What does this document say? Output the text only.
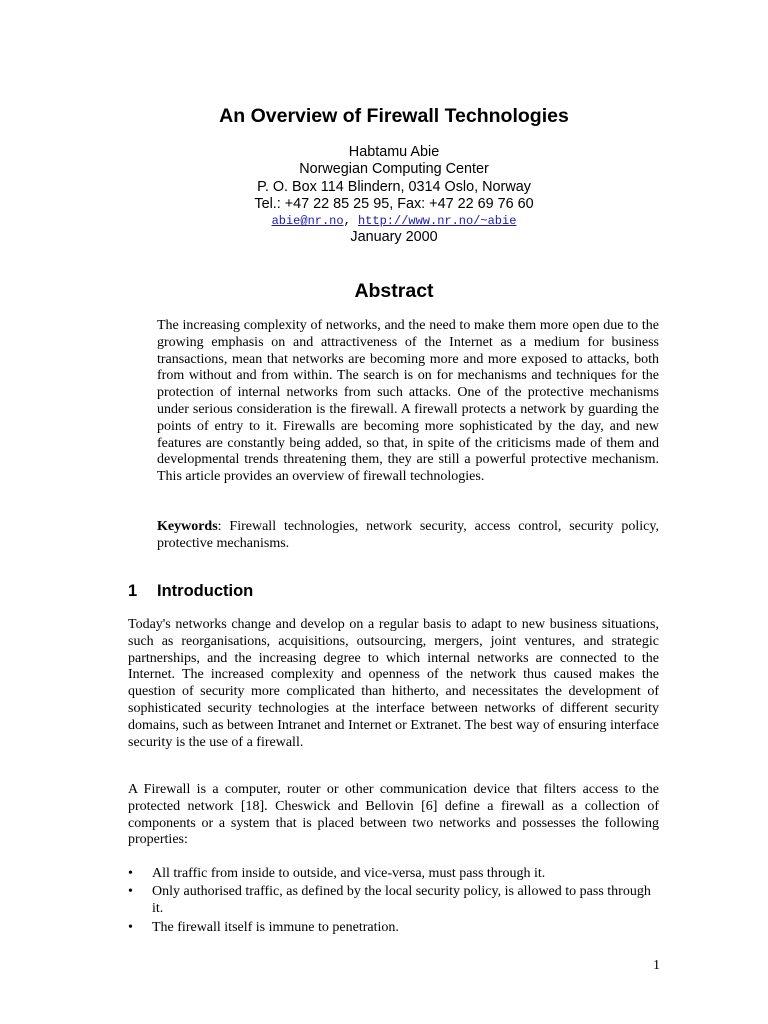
An Overview of Firewall Technologies
Habtamu Abie
Norwegian Computing Center
P. O. Box 114 Blindern, 0314 Oslo, Norway
Tel.: +47 22 85 25 95, Fax: +47 22 69 76 60
abie@nr.no, http://www.nr.no/~abie
January 2000
Abstract
The increasing complexity of networks, and the need to make them more open due to the growing emphasis on and attractiveness of the Internet as a medium for business transactions, mean that networks are becoming more and more exposed to attacks, both from without and from within. The search is on for mechanisms and techniques for the protection of internal networks from such attacks. One of the protective mechanisms under serious consideration is the firewall. A firewall protects a network by guarding the points of entry to it. Firewalls are becoming more sophisticated by the day, and new features are constantly being added, so that, in spite of the criticisms made of them and developmental trends threatening them, they are still a powerful protective mechanism. This article provides an overview of firewall technologies.
Keywords: Firewall technologies, network security, access control, security policy, protective mechanisms.
1 Introduction
Today's networks change and develop on a regular basis to adapt to new business situations, such as reorganisations, acquisitions, outsourcing, mergers, joint ventures, and strategic partnerships, and the increasing degree to which internal networks are connected to the Internet. The increased complexity and openness of the network thus caused makes the question of security more complicated than hitherto, and necessitates the development of sophisticated security technologies at the interface between networks of different security domains, such as between Intranet and Internet or Extranet. The best way of ensuring interface security is the use of a firewall.
A Firewall is a computer, router or other communication device that filters access to the protected network [18]. Cheswick and Bellovin [6] define a firewall as a collection of components or a system that is placed between two networks and possesses the following properties:
• All traffic from inside to outside, and vice-versa, must pass through it.
• Only authorised traffic, as defined by the local security policy, is allowed to pass through it.
• The firewall itself is immune to penetration.
1
